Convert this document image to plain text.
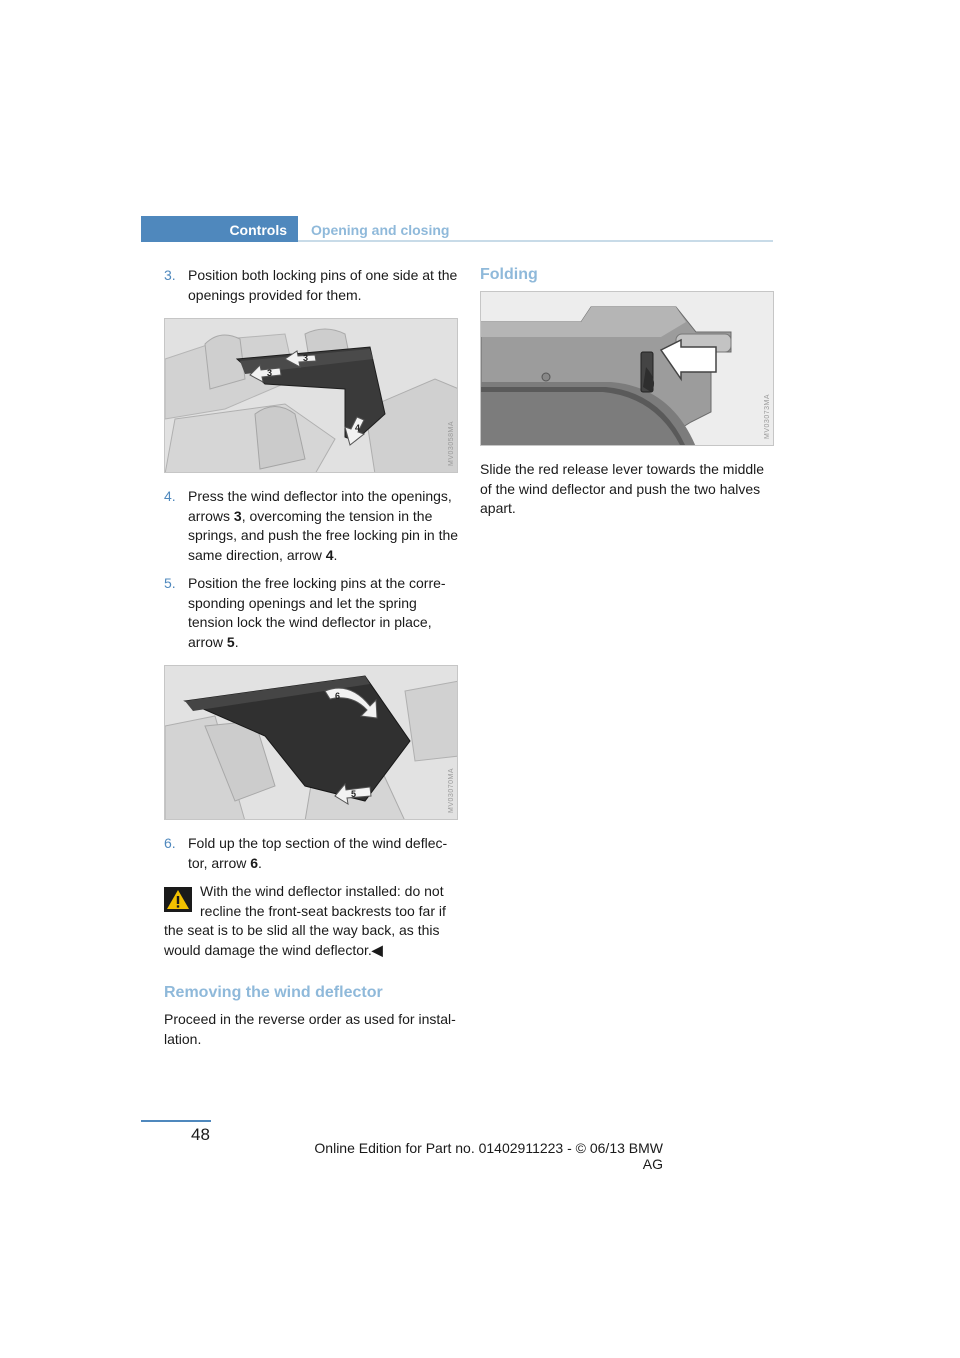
Controls	Opening and closing
3. Position both locking pins of one side at the openings provided for them.
3
3
4	MV03058MA
4. Press the wind deflector into the openings, arrows 3, overcoming the tension in the springs, and push the free locking pin in the same direction, arrow 4.
5. Position the free locking pins at the corre-sponding openings and let the spring tension lock the wind deflector in place, arrow 5.
6
5	MV03070MA
6. Fold up the top section of the wind deflec-tor, arrow 6.
With the wind deflector installed: do not recline the front-seat backrests too far if
the seat is to be slid all the way back, as this would damage the wind deflector.◀
Removing the wind deflector
Proceed in the reverse order as used for instal-lation.
Folding
MV03073MA
Slide the red release lever towards the middle of the wind deflector and push the two halves apart.
48
Online Edition for Part no. 01402911223 - © 06/13 BMW AG
